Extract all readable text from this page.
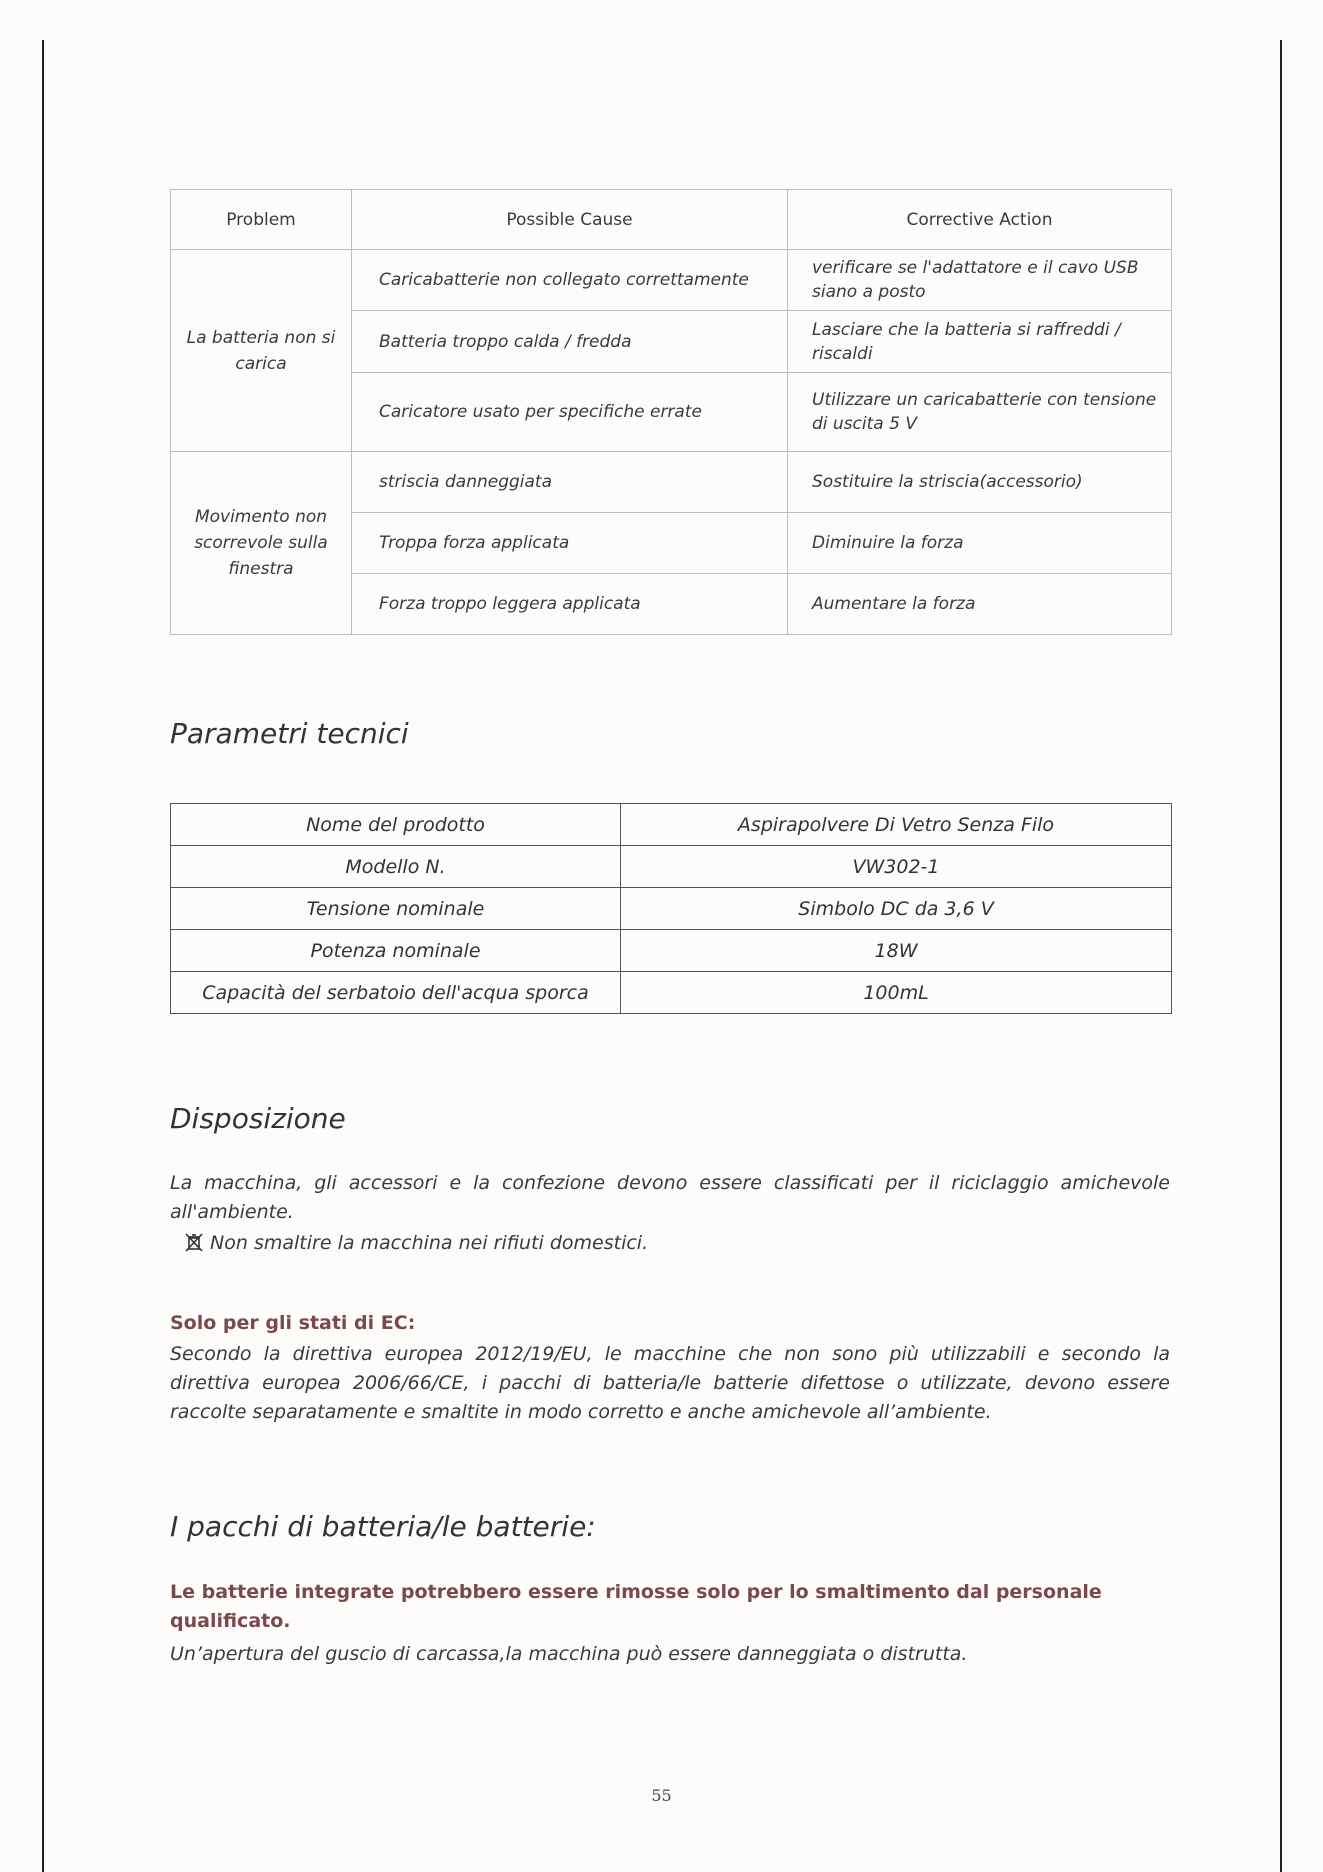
Problem	Possible Cause	Corrective Action
La batteria non si carica	Caricabatterie non collegato correttamente	verificare se l'adattatore e il cavo USB siano a posto
	Batteria troppo calda / fredda	Lasciare che la batteria si raffreddi / riscaldi
	Caricatore usato per specifiche errate	Utilizzare un caricabatterie con tensione di uscita 5 V
Movimento non scorrevole sulla finestra	striscia danneggiata	Sostituire la striscia(accessorio)
	Troppa forza applicata	Diminuire la forza
	Forza troppo leggera applicata	Aumentare la forza
Parametri tecnici
Nome del prodotto	Aspirapolvere Di Vetro Senza Filo
Modello N.	VW302-1
Tensione nominale	Simbolo DC da 3,6 V
Potenza nominale	18W
Capacità del serbatoio dell'acqua sporca	100mL
Disposizione

La macchina, gli accessori e la confezione devono essere classificati per il riciclaggio amichevole all'ambiente.

Non smaltire la macchina nei rifiuti domestici.

Solo per gli stati di EC:

Secondo la direttiva europea 2012/19/EU, le macchine che non sono più utilizzabili e secondo la direttiva europea 2006/66/CE, i pacchi di batteria/le batterie difettose o utilizzate, devono essere raccolte separatamente e smaltite in modo corretto e anche amichevole all’ambiente.

I pacchi di batteria/le batterie:

Le batterie integrate potrebbero essere rimosse solo per lo smaltimento dal personale qualificato.

Un’apertura del guscio di carcassa,la macchina può essere danneggiata o distrutta.

55
